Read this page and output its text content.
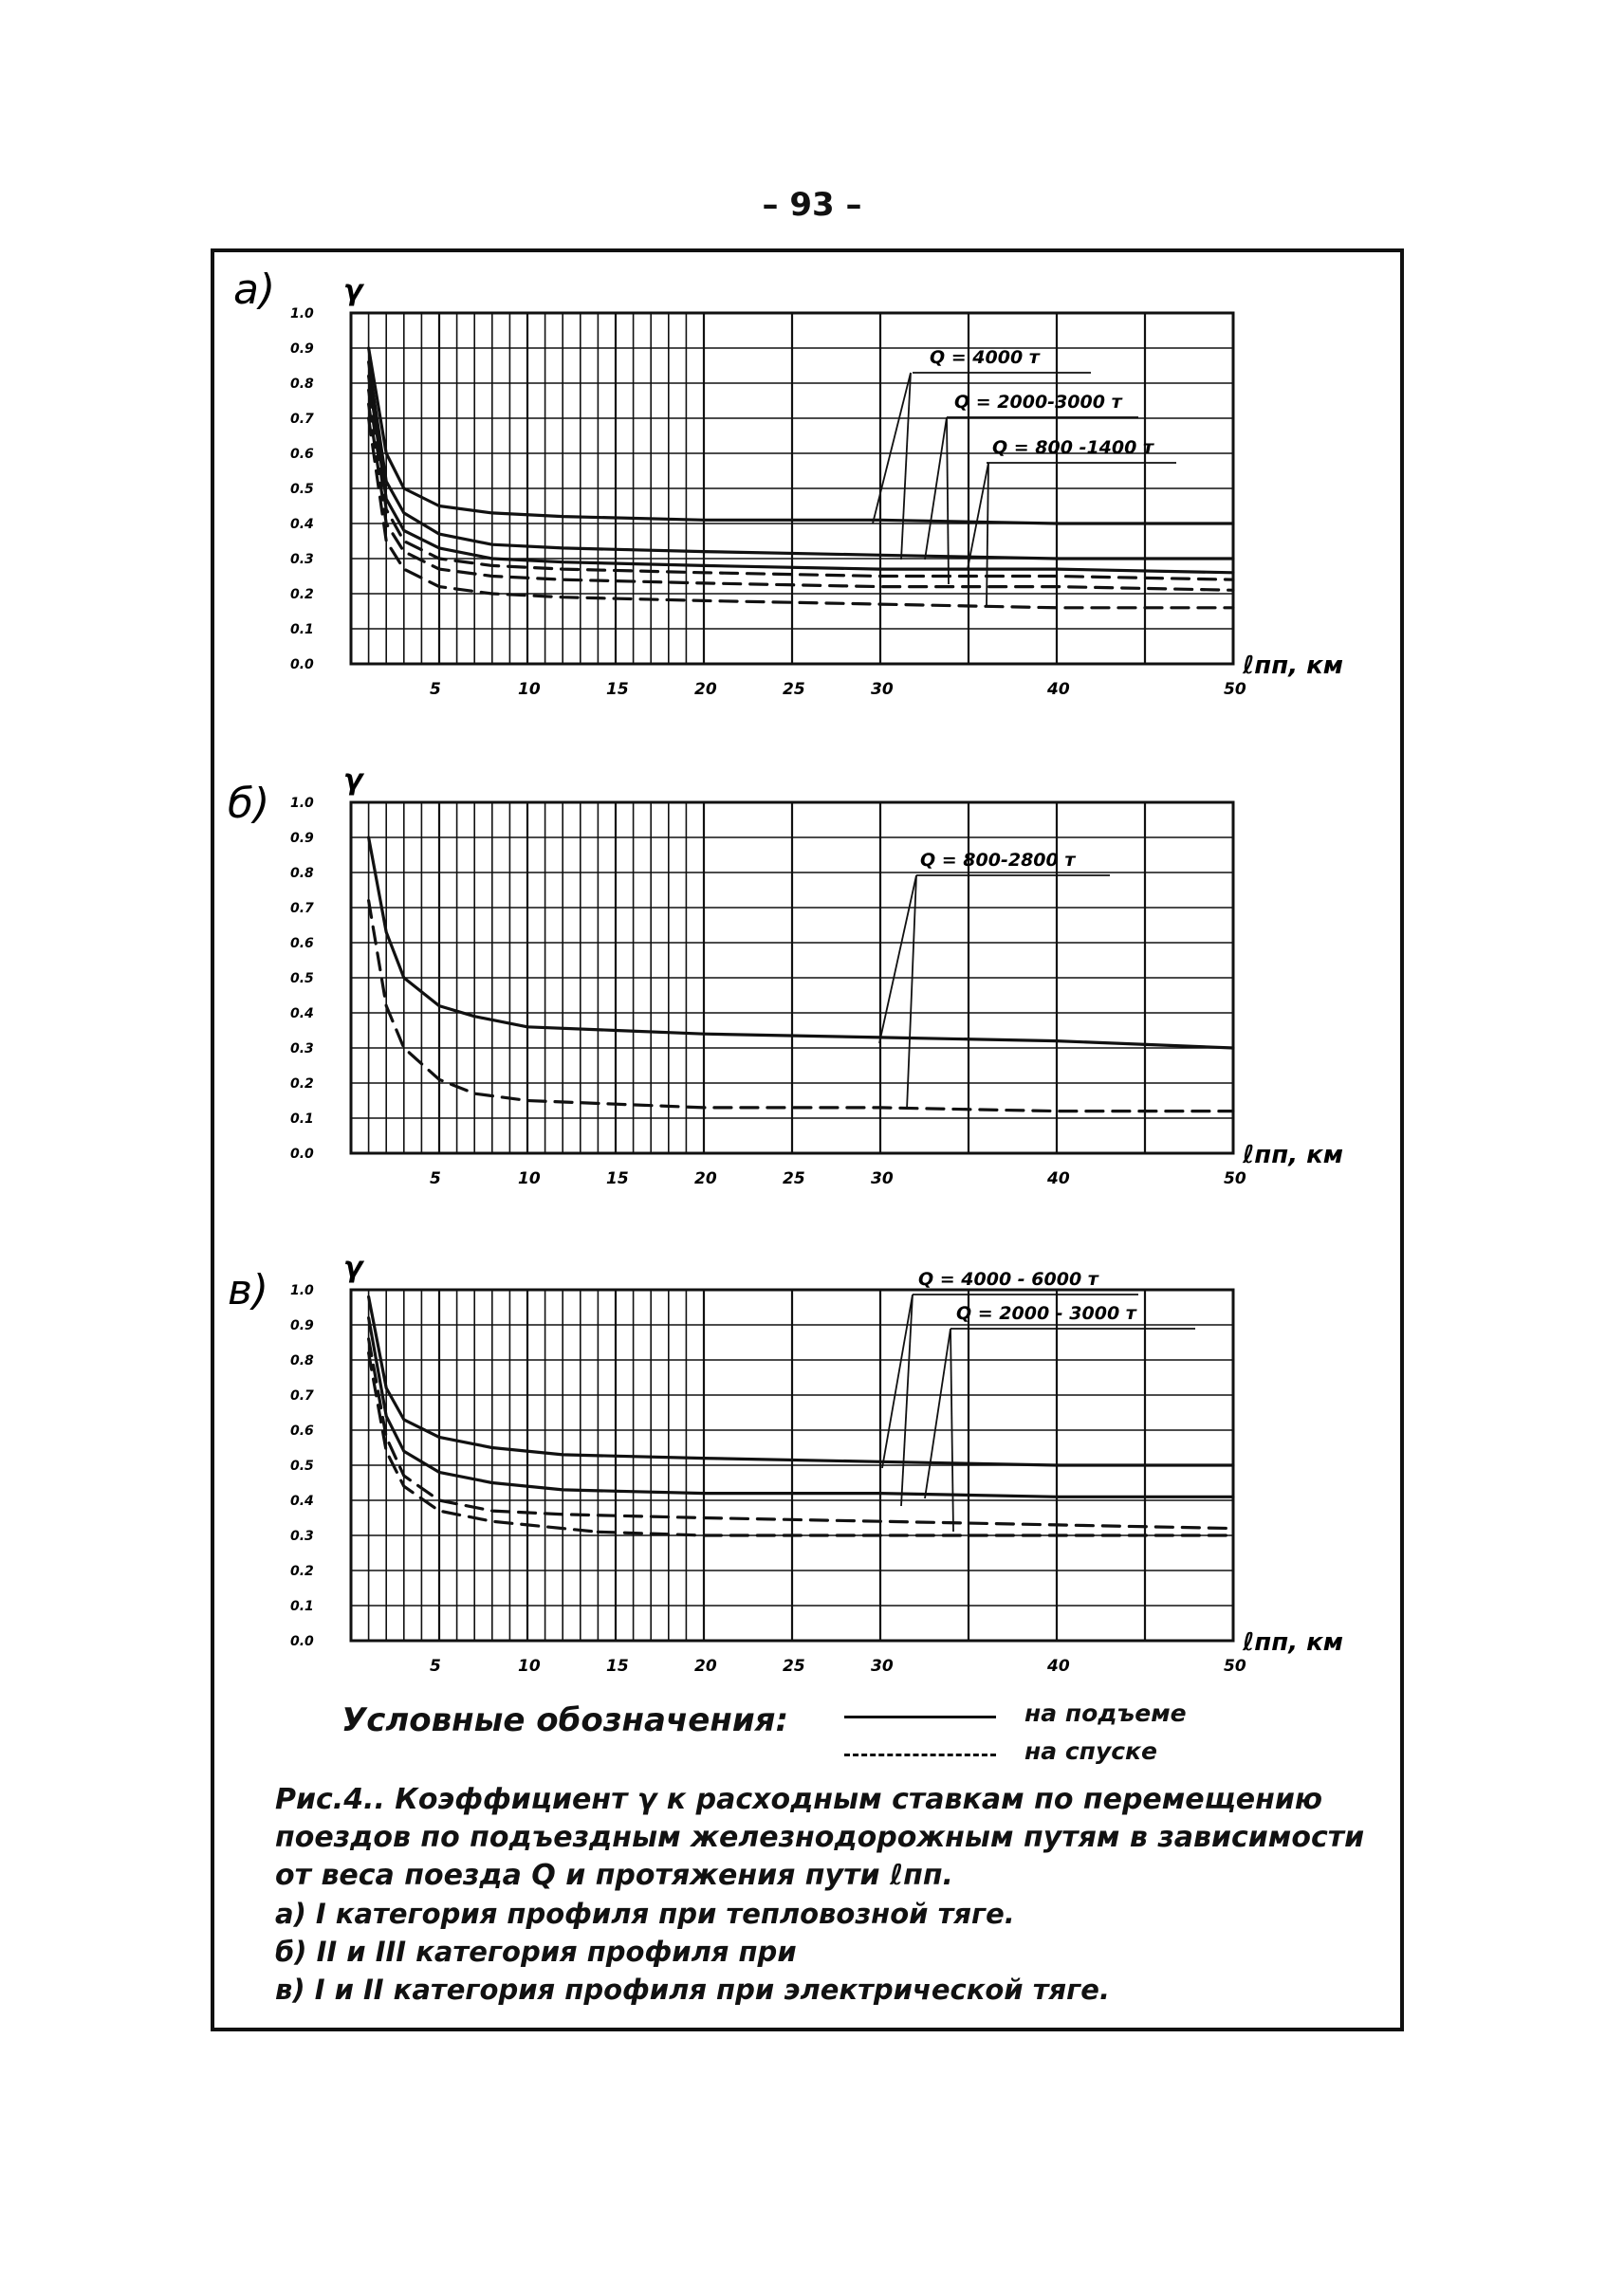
– 93 –
1.0
0.9
0.8
0.7
0.6
0.5
0.4
0.3
0.2
0.1
0.0
5	10	15	20	25	30	40	50
γ
ℓпп, км
a)
Q = 4000 т
Q = 2000-3000 т
Q = 800 -1400 т
1.0
0.9
0.8
0.7
0.6
0.5
0.4
0.3
0.2
0.1
0.0
5	10	15	20	25	30	40	50
γ
ℓпп, км
б)
Q = 800-2800 т
1.0
0.9
0.8
0.7
0.6
0.5
0.4
0.3
0.2
0.1
0.0
5	10	15	20	25	30	40	50
γ
ℓпп, км
в)	Q = 4000 - 6000 т
Q = 2000 - 3000 т
Условные обозначения:	на подъеме
на спуске
Рис.4.. Коэффициент γ к расходным ставкам по перемещению поездов по подъездным железнодорожным путям в зависимости от веса поезда Q и протяжения пути ℓпп.
а) I категория профиля при тепловозной тяге.
б) II и III категория профиля при
в) I и II категория профиля при электрической тяге.
